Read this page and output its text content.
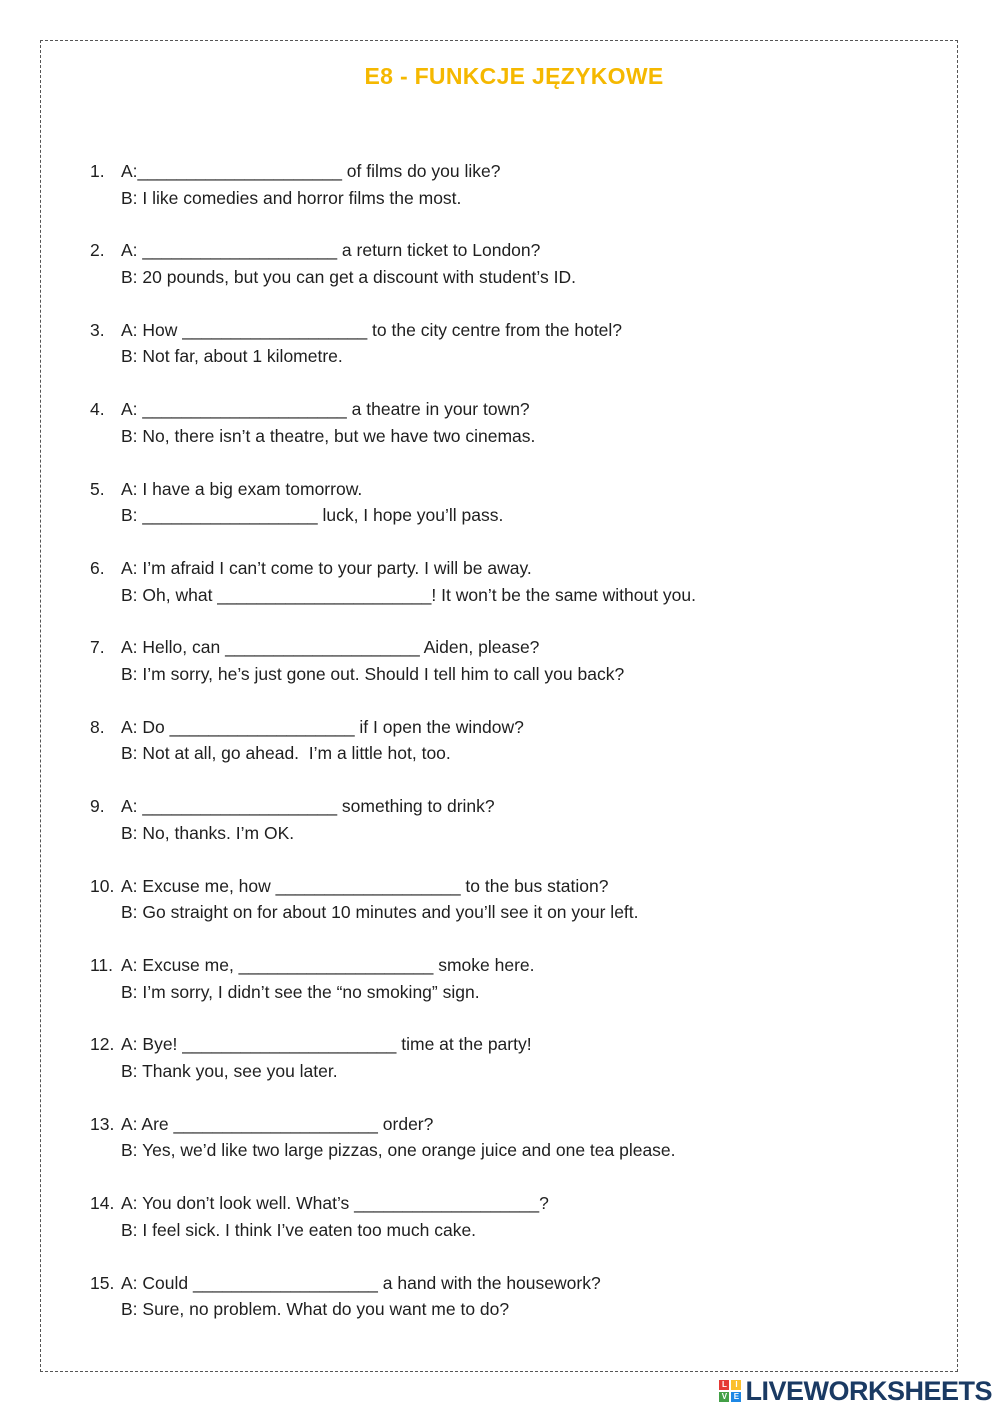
E8 - FUNKCJE JĘZYKOWE
1. A:_____________________ of films do you like?
B: I like comedies and horror films the most.
2. A: ____________________ a return ticket to London?
B: 20 pounds, but you can get a discount with student’s ID.
3. A: How ___________________ to the city centre from the hotel?
B: Not far, about 1 kilometre.
4. A: _____________________ a theatre in your town?
B: No, there isn’t a theatre, but we have two cinemas.
5. A: I have a big exam tomorrow.
B: __________________ luck, I hope you’ll pass.
6. A: I’m afraid I can’t come to your party. I will be away.
B: Oh, what ______________________! It won’t be the same without you.
7. A: Hello, can ____________________ Aiden, please?
B: I’m sorry, he’s just gone out. Should I tell him to call you back?
8. A: Do ___________________ if I open the window?
B: Not at all, go ahead.  I’m a little hot, too.
9. A: ____________________ something to drink?
B: No, thanks. I’m OK.
10. A: Excuse me, how ___________________ to the bus station?
B: Go straight on for about 10 minutes and you’ll see it on your left.
11. A: Excuse me, ____________________ smoke here.
B: I’m sorry, I didn’t see the “no smoking” sign.
12. A: Bye! ______________________ time at the party!
B: Thank you, see you later.
13. A: Are _____________________ order?
B: Yes, we’d like two large pizzas, one orange juice and one tea please.
14. A: You don’t look well. What’s ___________________?
B: I feel sick. I think I’ve eaten too much cake.
15. A: Could ___________________ a hand with the housework?
B: Sure, no problem. What do you want me to do?
L	I
V E LIVEWORKSHEETS
